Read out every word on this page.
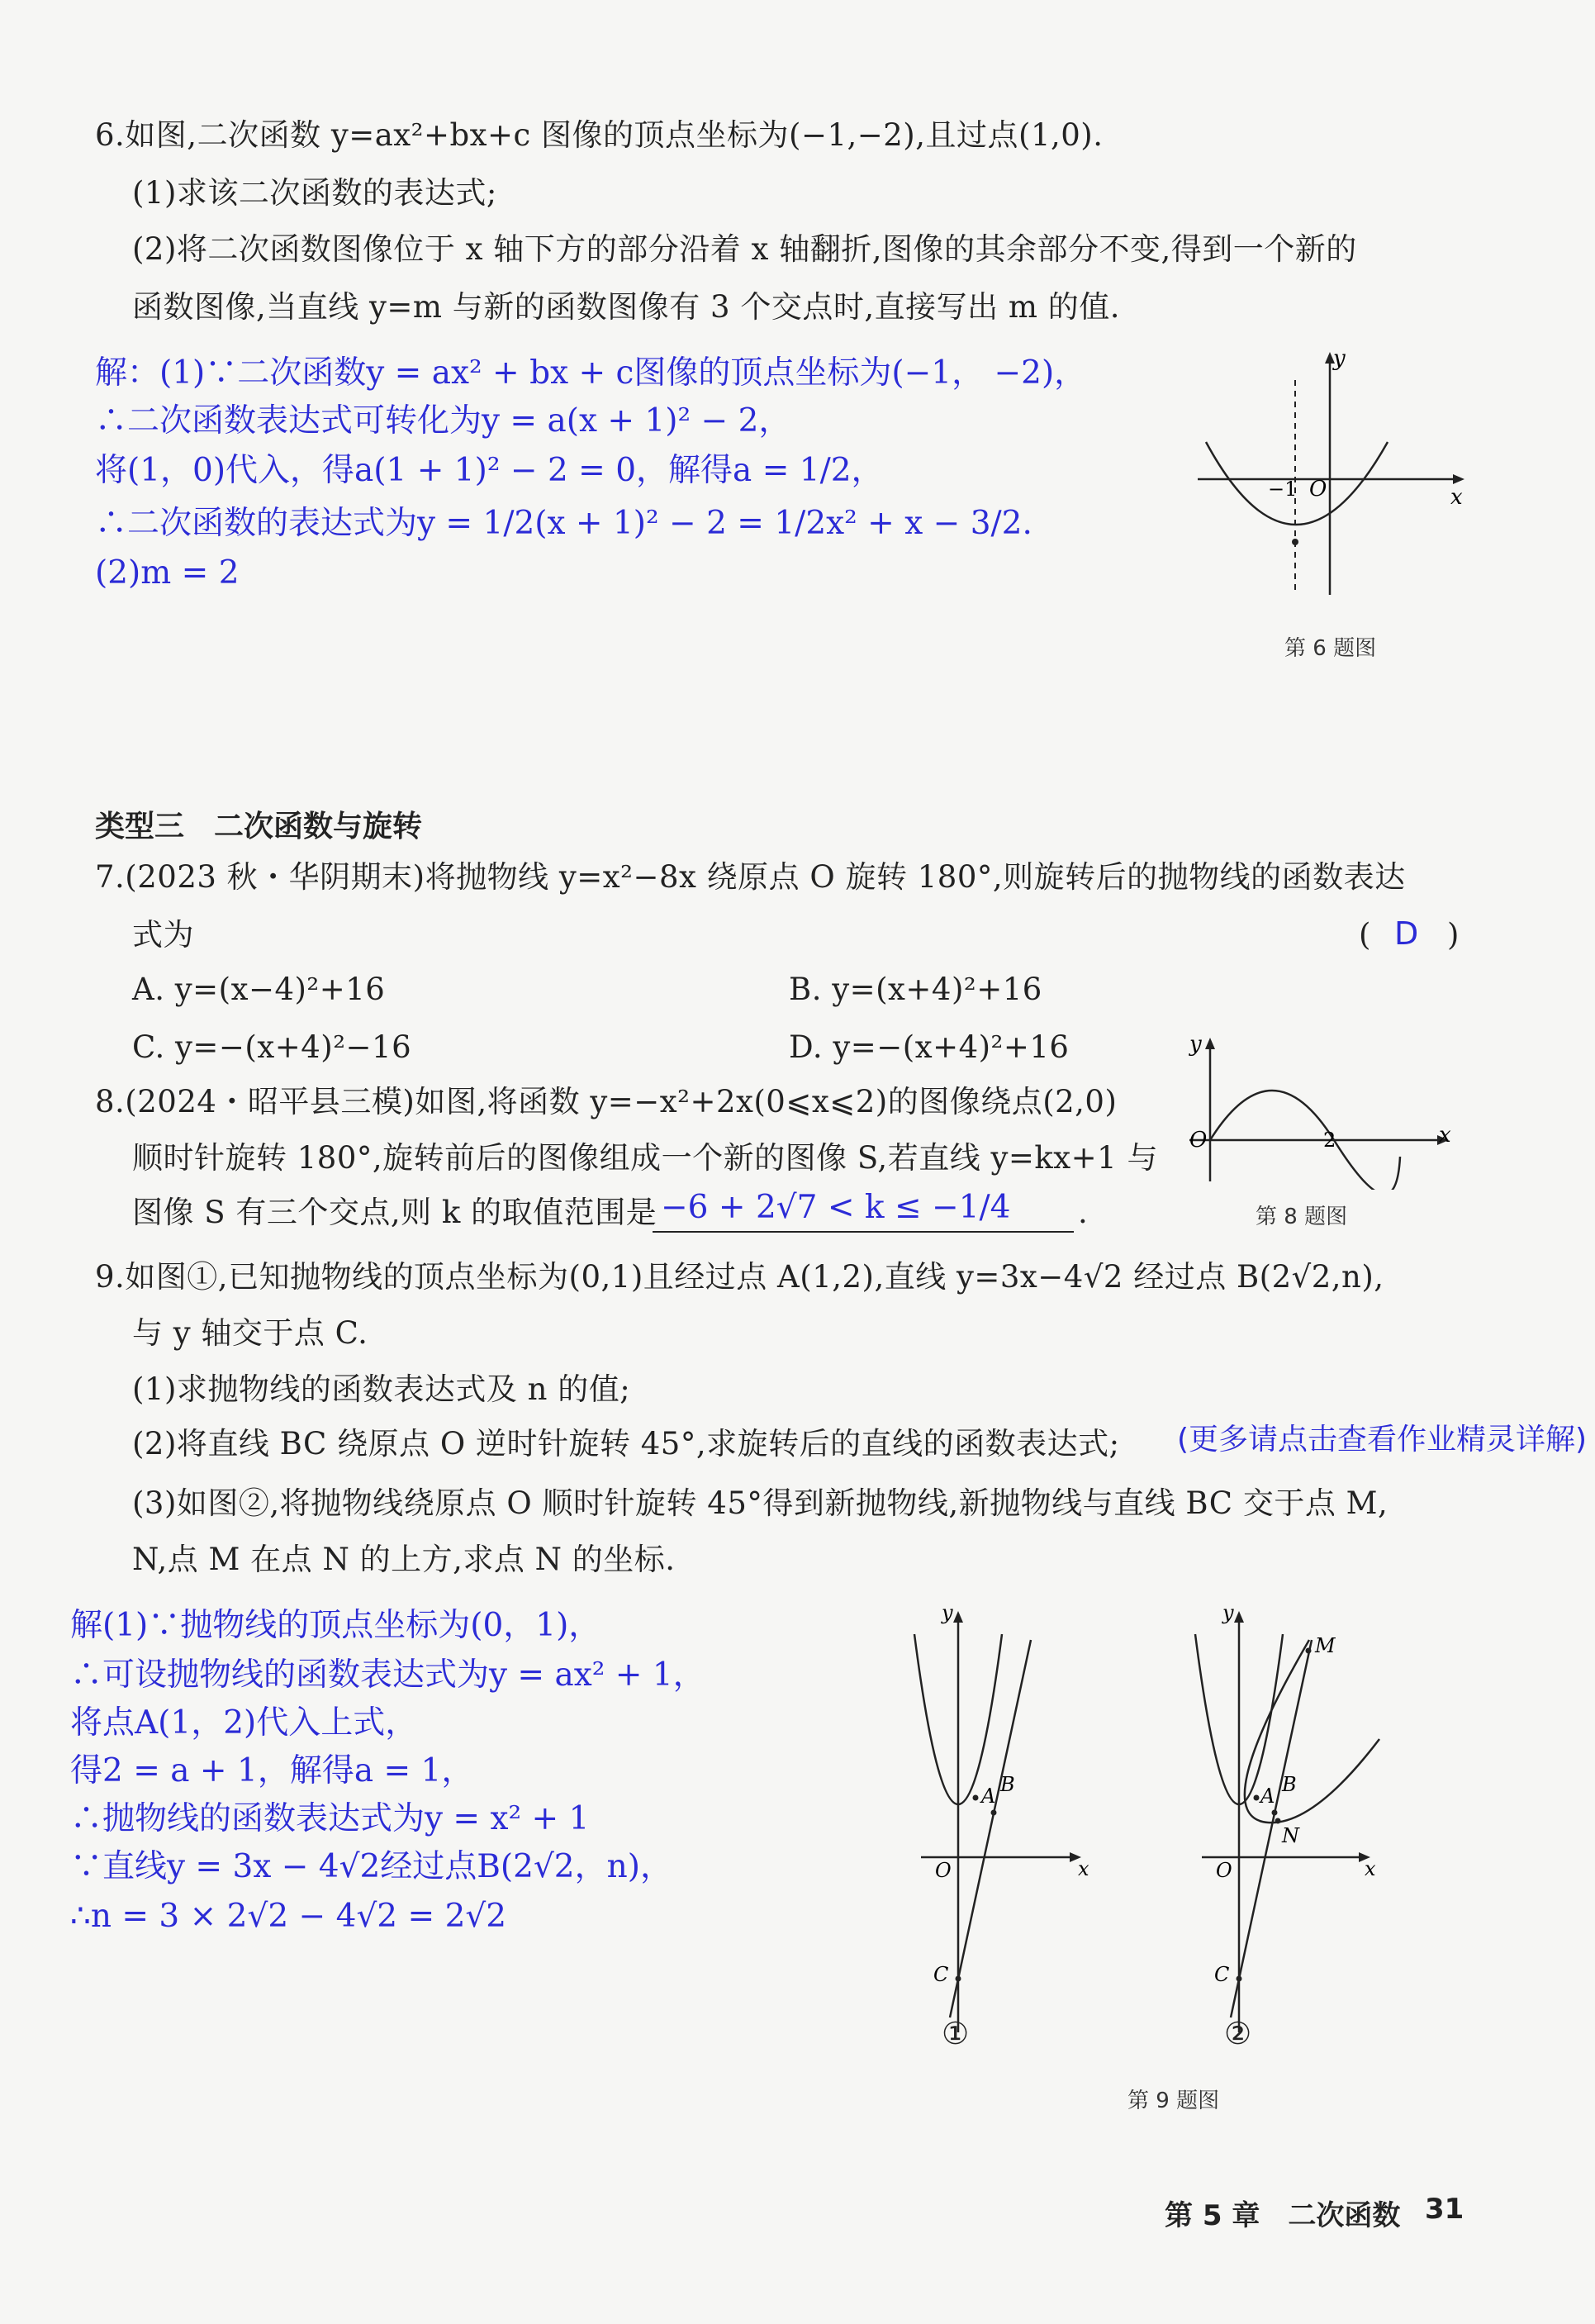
6.如图,二次函数 y=ax²+bx+c 图像的顶点坐标为(−1,−2),且过点(1,0).
(1)求该二次函数的表达式;
(2)将二次函数图像位于 x 轴下方的部分沿着 x 轴翻折,图像的其余部分不变,得到一个新的
函数图像,当直线 y=m 与新的函数图像有 3 个交点时,直接写出 m 的值.
解：(1)∵二次函数y = ax² + bx + c图像的顶点坐标为(−1， −2)，
∴二次函数表达式可转化为y = a(x + 1)² − 2，
将(1，0)代入，得a(1 + 1)² − 2 = 0，解得a = 1/2，
∴二次函数的表达式为y = 1/2(x + 1)² − 2 = 1/2x² + x − 3/2.
(2)m = 2
y
x
O
−1
第 6 题图
类型三　二次函数与旋转
7.(2023 秋・华阴期末)将抛物线 y=x²−8x 绕原点 O 旋转 180°,则旋转后的抛物线的函数表达
式为	( D )
A. y=(x−4)²+16	B. y=(x+4)²+16
C. y=−(x+4)²−16	D. y=−(x+4)²+16
8.(2024・昭平县三模)如图,将函数 y=−x²+2x(0⩽x⩽2)的图像绕点(2,0)
顺时针旋转 180°,旋转前后的图像组成一个新的图像 S,若直线 y=kx+1 与
图像 S 有三个交点,则 k 的取值范围是 −6 + 2√7 < k ≤ −1/4 .
y
x
O	2
第 8 题图
9.如图①,已知抛物线的顶点坐标为(0,1)且经过点 A(1,2),直线 y=3x−4√2 经过点 B(2√2,n),
与 y 轴交于点 C.
(1)求抛物线的函数表达式及 n 的值;
(2)将直线 BC 绕原点 O 逆时针旋转 45°,求旋转后的直线的函数表达式; (更多请点击查看作业精灵详解)
(3)如图②,将抛物线绕原点 O 顺时针旋转 45°得到新抛物线,新抛物线与直线 BC 交于点 M,
N,点 M 在点 N 的上方,求点 N 的坐标.
解(1)∵抛物线的顶点坐标为(0，1)，
∴可设抛物线的函数表达式为y = ax² + 1，
将点A(1，2)代入上式，
得2 = a + 1，解得a = 1，
∴抛物线的函数表达式为y = x² + 1
∵直线y = 3x − 4√2经过点B(2√2，n)，
∴n = 3 × 2√2 − 4√2 = 2√2
y
x
O
A B
C
①
y
x
O
A B
C
M
N
②
第 9 题图
第 5 章　二次函数 31
